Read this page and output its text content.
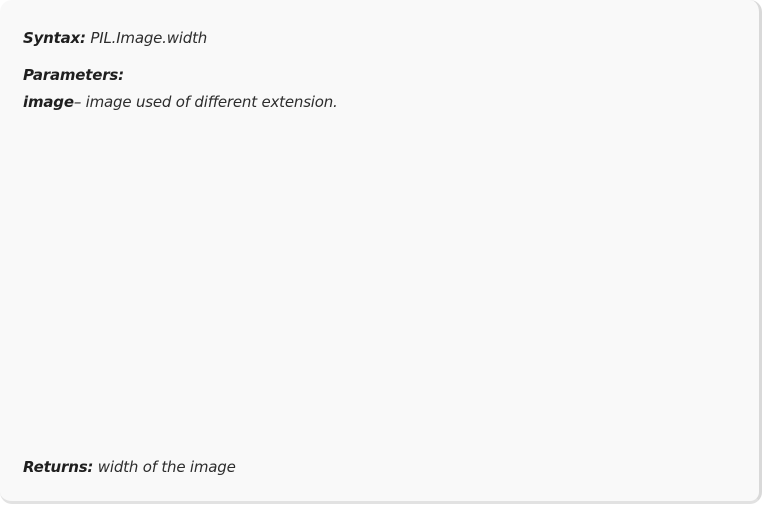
Syntax: PIL.Image.width
Parameters:
image– image used of different extension.
Returns: width of the image
